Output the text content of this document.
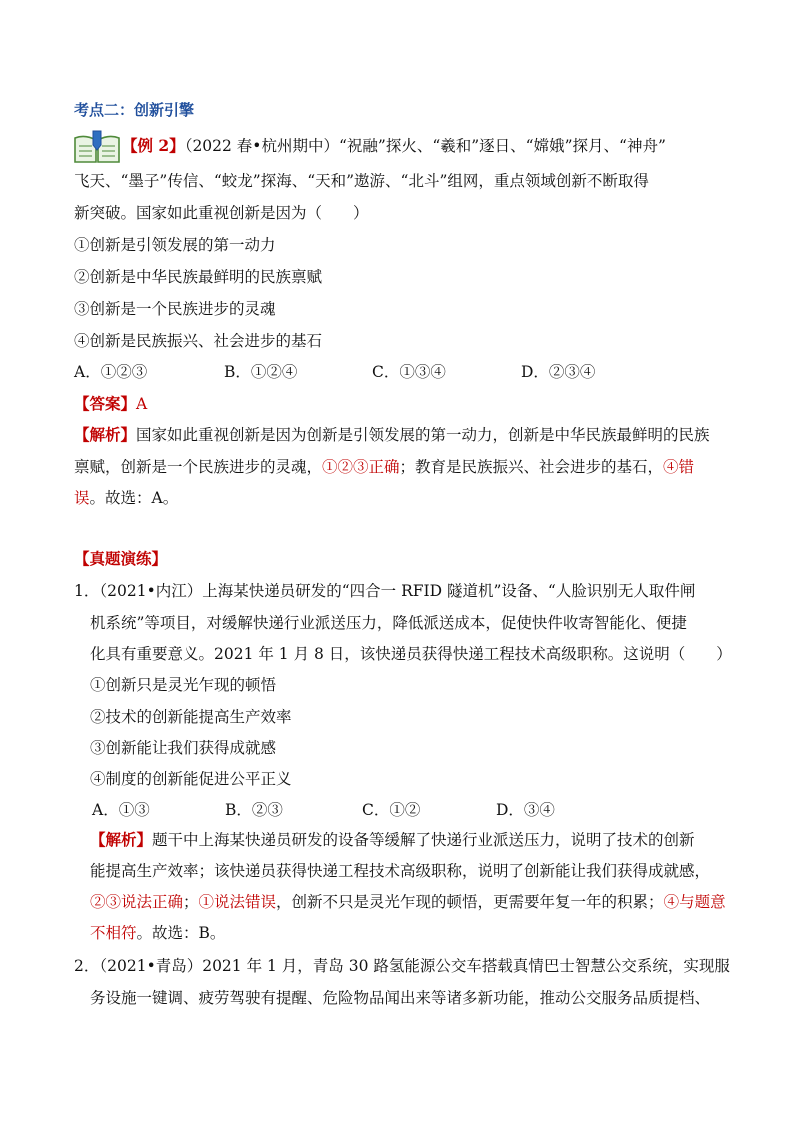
考点二：创新引擎
【例 2】（2022 春•杭州期中）“祝融”探火、“羲和”逐日、“嫦娥”探月、“神舟”
飞天、“墨子”传信、“蛟龙”探海、“天和”遨游、“北斗”组网，重点领域创新不断取得
新突破。国家如此重视创新是因为（　　）
①创新是引领发展的第一动力
②创新是中华民族最鲜明的民族禀赋
③创新是一个民族进步的灵魂
④创新是民族振兴、社会进步的基石
A．①②③	B．①②④	C．①③④	D．②③④
【答案】A
【解析】国家如此重视创新是因为创新是引领发展的第一动力，创新是中华民族最鲜明的民族
禀赋，创新是一个民族进步的灵魂，①②③正确；教育是民族振兴、社会进步的基石，④错
误。故选：A。
【真题演练】
1．（2021•内江）上海某快递员研发的“四合一 RFID 隧道机”设备、“人脸识别无人取件闸
机系统”等项目，对缓解快递行业派送压力，降低派送成本，促使快件收寄智能化、便捷
化具有重要意义。2021 年 1 月 8 日，该快递员获得快递工程技术高级职称。这说明（　　）
①创新只是灵光乍现的顿悟
②技术的创新能提高生产效率
③创新能让我们获得成就感
④制度的创新能促进公平正义
A．①③	B．②③	C．①②	D．③④
【解析】题干中上海某快递员研发的设备等缓解了快递行业派送压力，说明了技术的创新
能提高生产效率；该快递员获得快递工程技术高级职称，说明了创新能让我们获得成就感，
②③说法正确；①说法错误，创新不只是灵光乍现的顿悟，更需要年复一年的积累；④与题意
不相符。故选：B。
2．（2021•青岛）2021 年 1 月，青岛 30 路氢能源公交车搭载真情巴士智慧公交系统，实现服
务设施一键调、疲劳驾驶有提醒、危险物品闻出来等诸多新功能，推动公交服务品质提档、
